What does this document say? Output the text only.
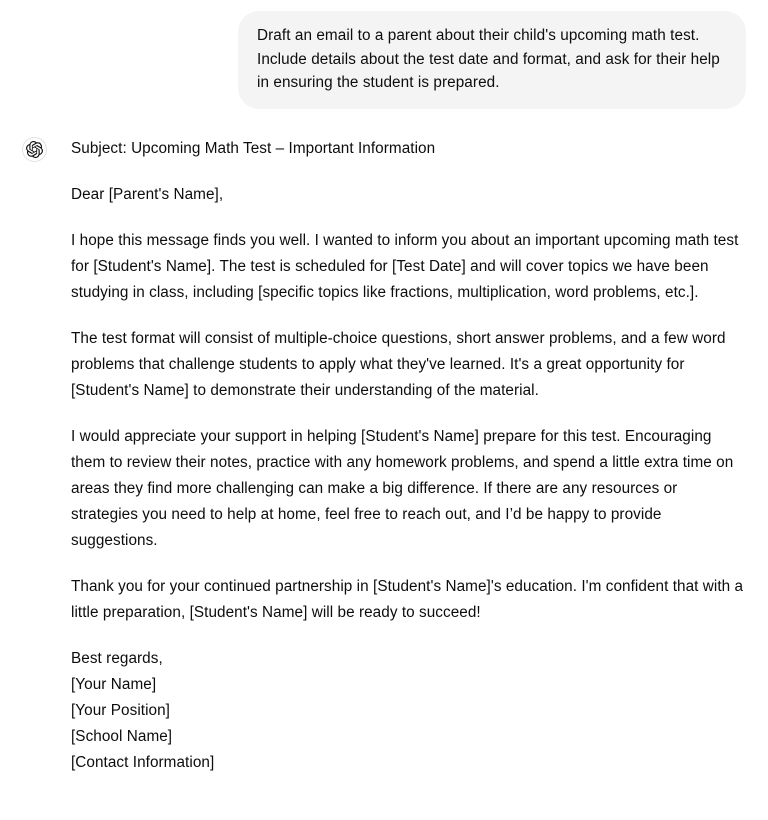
Draft an email to a parent about their child's upcoming math test. Include details about the test date and format, and ask for their help in ensuring the student is prepared.

Subject: Upcoming Math Test – Important Information

Dear [Parent's Name],

I hope this message finds you well. I wanted to inform you about an important upcoming math test for [Student's Name]. The test is scheduled for [Test Date] and will cover topics we have been studying in class, including [specific topics like fractions, multiplication, word problems, etc.].

The test format will consist of multiple-choice questions, short answer problems, and a few word problems that challenge students to apply what they've learned. It's a great opportunity for [Student's Name] to demonstrate their understanding of the material.

I would appreciate your support in helping [Student's Name] prepare for this test. Encouraging them to review their notes, practice with any homework problems, and spend a little extra time on areas they find more challenging can make a big difference. If there are any resources or strategies you need to help at home, feel free to reach out, and I’d be happy to provide suggestions.

Thank you for your continued partnership in [Student's Name]'s education. I'm confident that with a little preparation, [Student's Name] will be ready to succeed!

Best regards,
[Your Name]
[Your Position]
[School Name]
[Contact Information]
